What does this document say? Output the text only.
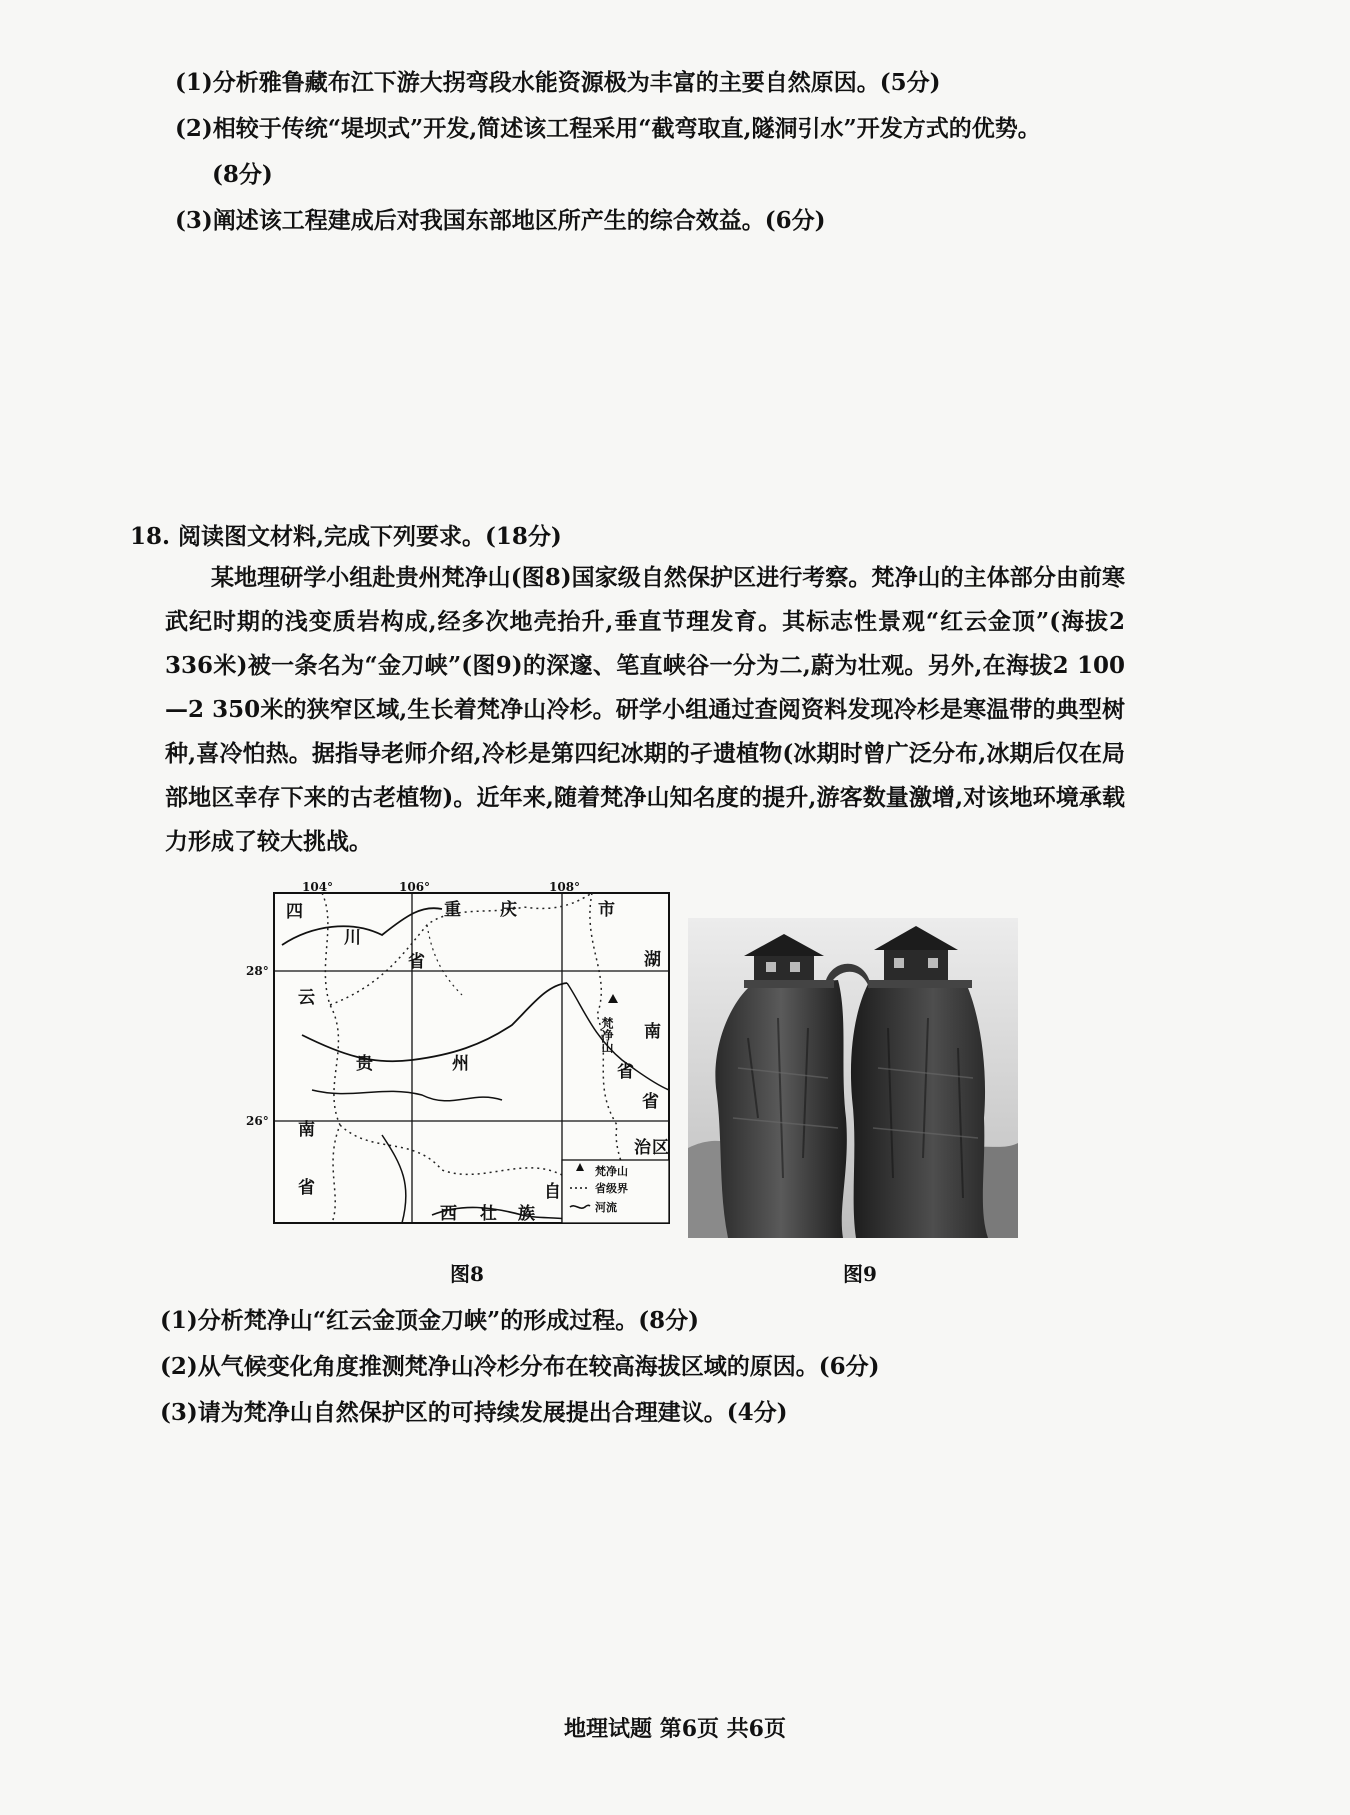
(1)分析雅鲁藏布江下游大拐弯段水能资源极为丰富的主要自然原因。(5分)
(2)相较于传统“堤坝式”开发,简述该工程采用“截弯取直,隧洞引水”开发方式的优势。
(8分)
(3)阐述该工程建成后对我国东部地区所产生的综合效益。(6分)
18. 阅读图文材料,完成下列要求。(18分)

某地理研学小组赴贵州梵净山(图8)国家级自然保护区进行考察。梵净山的主体部分由前寒武纪时期的浅变质岩构成,经多次地壳抬升,垂直节理发育。其标志性景观“红云金顶”(海拔2 336米)被一条名为“金刀峡”(图9)的深邃、笔直峡谷一分为二,蔚为壮观。另外,在海拔2 100—2 350米的狭窄区域,生长着梵净山冷杉。研学小组通过查阅资料发现冷杉是寒温带的典型树种,喜冷怕热。据指导老师介绍,冷杉是第四纪冰期的孑遗植物(冰期时曾广泛分布,冰期后仅在局部地区幸存下来的古老植物)。近年来,随着梵净山知名度的提升,游客数量激增,对该地环境承载力形成了较大挑战。

104°	106°	108°
28°
26°
四
川
省
重 庆	市
湖
南
省
云
南
省
贵	州
省
西 壮 族
自
治 区
梵净山
梵净山
省级界
河流
图8	图9
(1)分析梵净山“红云金顶金刀峡”的形成过程。(8分)
(2)从气候变化角度推测梵净山冷杉分布在较高海拔区域的原因。(6分)
(3)请为梵净山自然保护区的可持续发展提出合理建议。(4分)
地理试题 第6页 共6页
